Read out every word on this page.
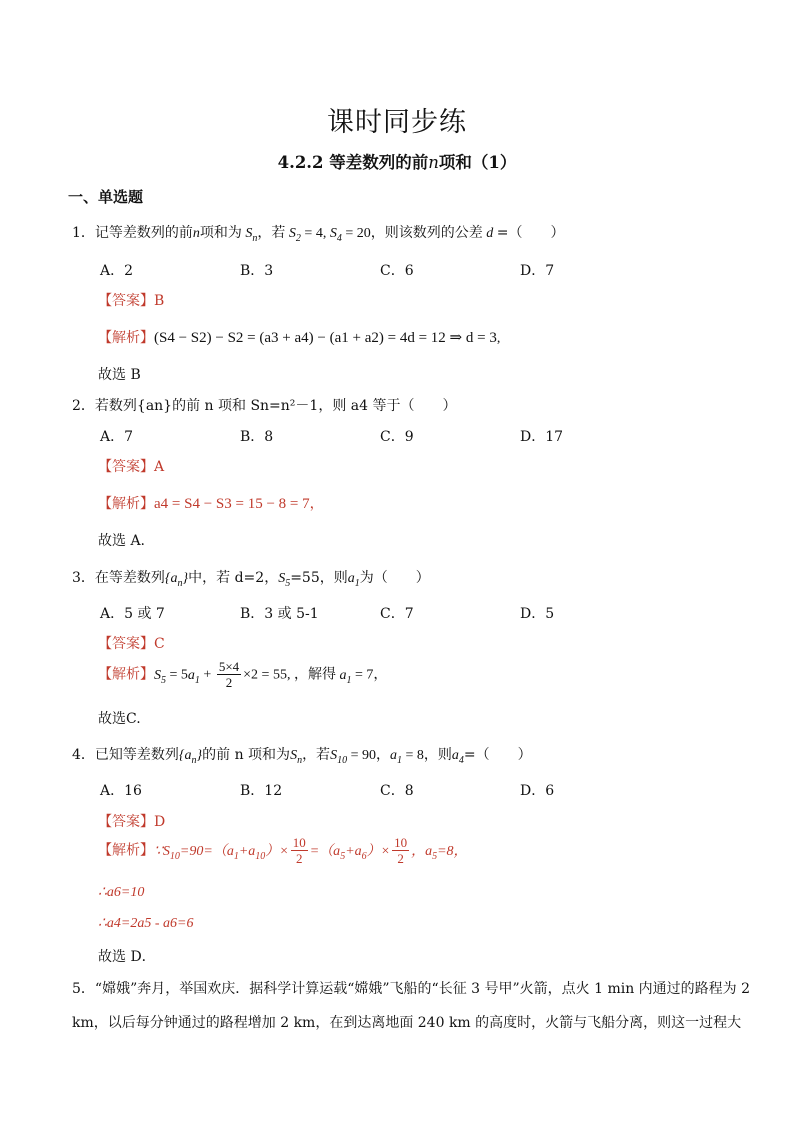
课时同步练
4.2.2 等差数列的前n项和（1）
一、单选题
1．记等差数列的前n项和为 $S_n$，若 $S_2 = 4$, $S_4 = 20$，则该数列的公差 d =（　　）
A．2	B．3	C．6	D．7
【答案】B
【解析】(S4 − S2) − S2 = (a3 + a4) − (a1 + a2) = 4d = 12 ⇒ d = 3,
故选 B
2．若数列{an}的前 n 项和 Sn=n²－1，则 a4 等于（　　）
A．7	B．8	C．9	D．17
【答案】A
【解析】a4 = S4 − S3 = 15 − 8 = 7，
故选 A.
3．在等差数列$\{a_n\}$中，若 d=2，$S_5=55$，则$a_1$为（　　）
A．5 或 7	B．3 或 5-1	C．7	D．5
【答案】C
【解析】$S_5 = 5a_1 + \frac{5\times 4}{2} \times 2 = 55$, ，解得 $a_1 = 7$，
故选C.
4．已知等差数列$\{a_n\}$的前 n 项和为$S_n$，若$S_{10} = 90$，$a_1 = 8$，则$a_4=$（　　）
A．16	B．12	C．8	D．6
【答案】D
【解析】$\because S_{10}=90=(a_1+a_{10})\times \frac{10}{2} =(a_5+a_6)\times \frac{10}{2}$ ，$a_5=8$，
∴a6=10
∴a4=2a5 - a6=6
故选 D．
5．“嫦娥”奔月，举国欢庆．据科学计算运载“嫦娥”飞船的“长征 3 号甲”火箭，点火 1 min 内通过的路程为 2
km，以后每分钟通过的路程增加 2 km，在到达离地面 240 km 的高度时，火箭与飞船分离，则这一过程大
